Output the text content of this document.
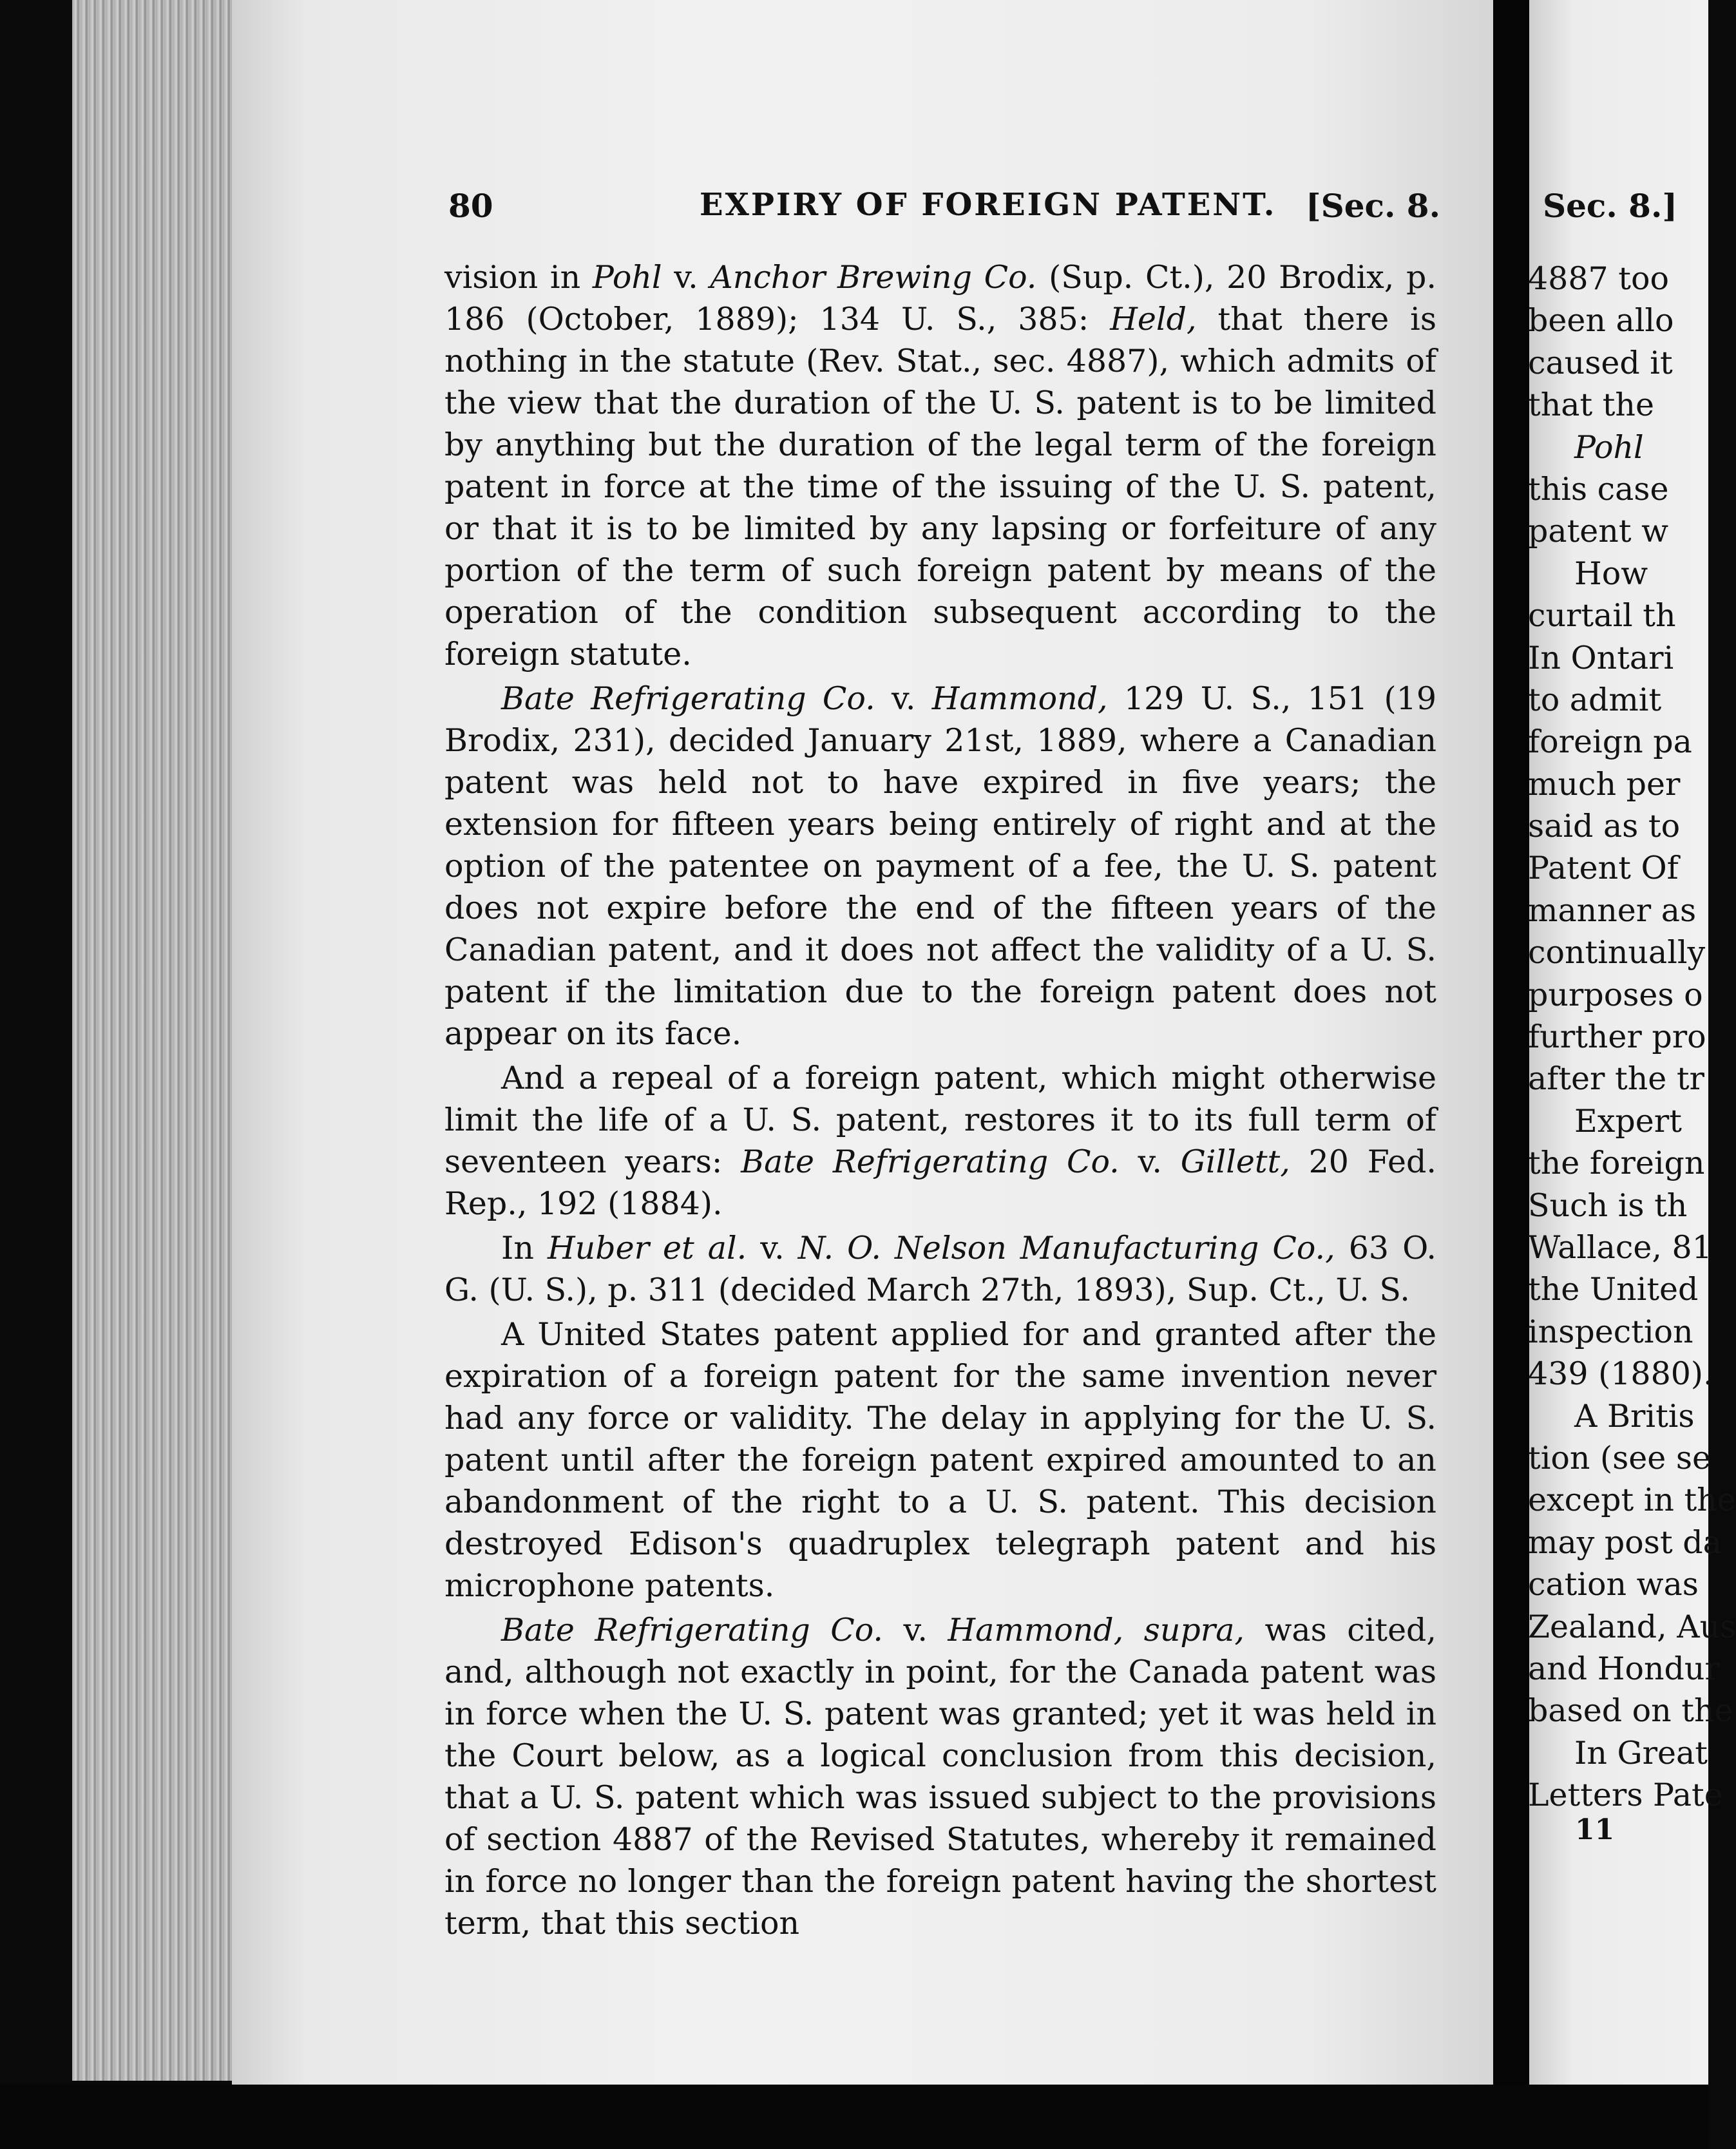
80	EXPIRY OF FOREIGN PATENT. [Sec. 8.

vision in Pohl v. Anchor Brewing Co. (Sup. Ct.), 20 Brodix, p. 186 (October, 1889); 134 U. S., 385: Held, that there is nothing in the statute (Rev. Stat., sec. 4887), which admits of the view that the duration of the U. S. patent is to be limited by anything but the duration of the legal term of the foreign patent in force at the time of the issuing of the U. S. patent, or that it is to be limited by any lapsing or forfeiture of any portion of the term of such foreign patent by means of the operation of the condition subsequent according to the foreign statute.

Bate Refrigerating Co. v. Hammond, 129 U. S., 151 (19 Brodix, 231), decided January 21st, 1889, where a Canadian patent was held not to have expired in five years; the extension for fifteen years being entirely of right and at the option of the patentee on payment of a fee, the U. S. patent does not expire before the end of the fifteen years of the Canadian patent, and it does not affect the validity of a U. S. patent if the limitation due to the foreign patent does not appear on its face.

And a repeal of a foreign patent, which might otherwise limit the life of a U. S. patent, restores it to its full term of seventeen years: Bate Refrigerating Co. v. Gillett, 20 Fed. Rep., 192 (1884).

In Huber et al. v. N. O. Nelson Manufacturing Co., 63 O. G. (U. S.), p. 311 (decided March 27th, 1893), Sup. Ct., U. S.

A United States patent applied for and granted after the expiration of a foreign patent for the same invention never had any force or validity. The delay in applying for the U. S. patent until after the foreign patent expired amounted to an abandonment of the right to a U. S. patent. This decision destroyed Edison's quadruplex telegraph patent and his microphone patents.

Bate Refrigerating Co. v. Hammond, supra, was cited, and, although not exactly in point, for the Canada patent was in force when the U. S. patent was granted; yet it was held in the Court below, as a logical conclusion from this decision, that a U. S. patent which was issued subject to the provisions of section 4887 of the Revised Statutes, whereby it remained in force no longer than the foreign patent having the shortest term, that this section

Sec. 8.]
4887 too
been allo
caused it
that the
Pohl
this case
patent w
How
curtail th
In Ontari
to admit
foreign pa
much per
said as to
Patent Of
manner as
continually
purposes o
further pro
after the tr
Expert
the foreign
Such is th
Wallace, 81
the United
inspection
439 (1880).
A Britis
tion (see se
except in the
may post da
cation was
Zealand, Aus
and Hondur
based on the
In Great
Letters Pate
11
